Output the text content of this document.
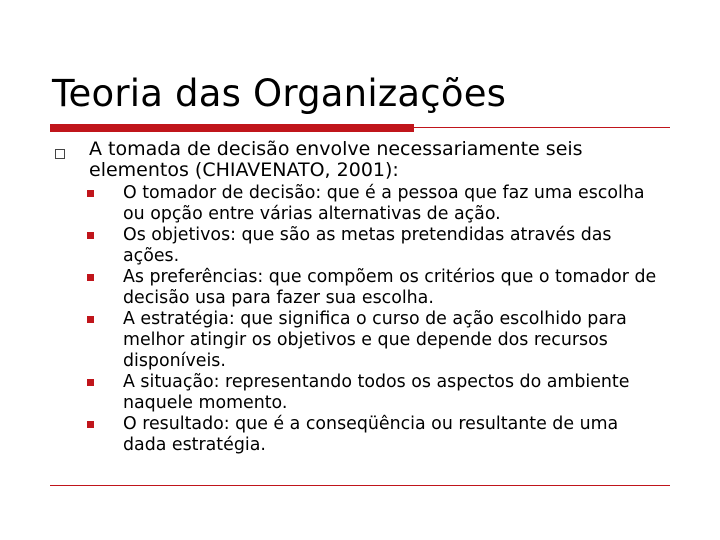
Teoria das Organizações
A tomada de decisão envolve necessariamente seis elementos (CHIAVENATO, 2001):
O tomador de decisão: que é a pessoa que faz uma escolha ou opção entre várias alternativas de ação.
Os objetivos: que são as metas pretendidas através das ações.
As preferências: que compõem os critérios que o tomador de decisão usa para fazer sua escolha.
A estratégia: que significa o curso de ação escolhido para melhor atingir os objetivos e que depende dos recursos disponíveis.
A situação: representando todos os aspectos do ambiente naquele momento.
O resultado: que é a conseqüência ou resultante de uma dada estratégia.
